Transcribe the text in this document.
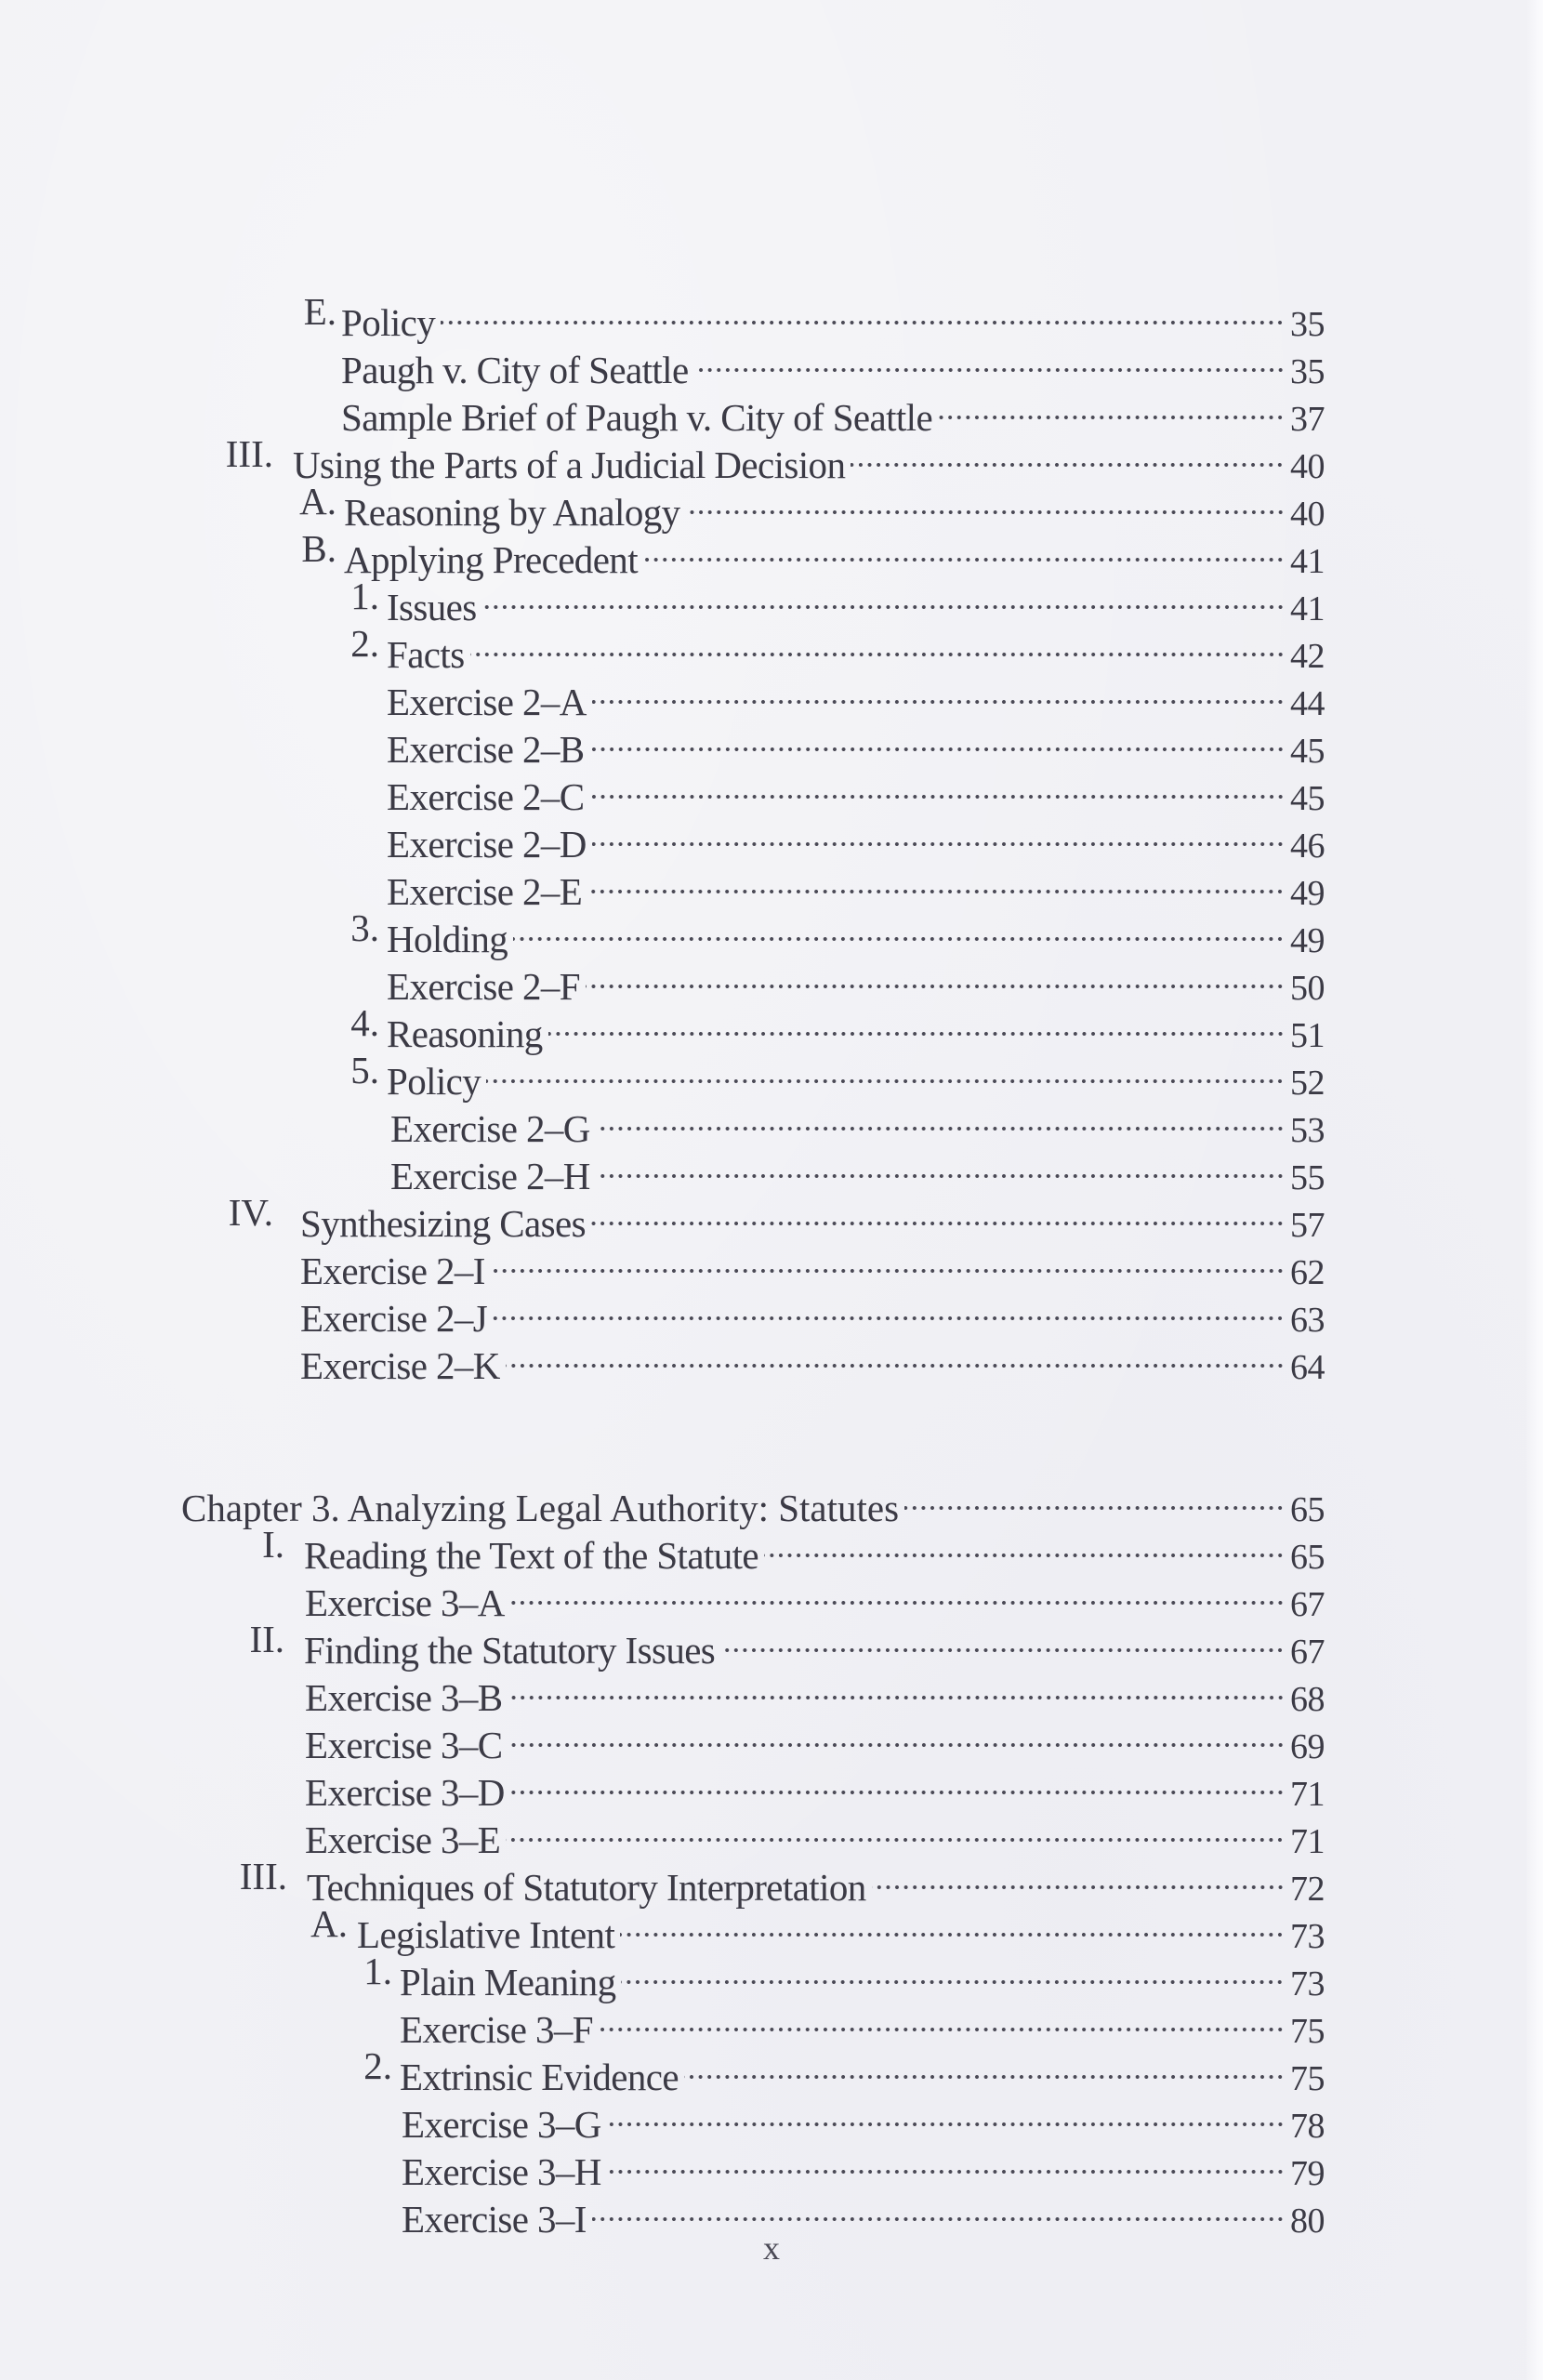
E. Policy	35
Paugh v. City of Seattle	35
Sample Brief of Paugh v. City of Seattle	37
III. Using the Parts of a Judicial Decision	40
A. Reasoning by Analogy	40
B. Applying Precedent	41
1. Issues	41
2. Facts	42
Exercise 2–A	44
Exercise 2–B	45
Exercise 2–C	45
Exercise 2–D	46
Exercise 2–E	49
3. Holding	49
Exercise 2–F	50
4. Reasoning	51
5. Policy	52
Exercise 2–G	53
Exercise 2–H	55
IV. Synthesizing Cases	57
Exercise 2–I	62
Exercise 2–J	63
Exercise 2–K	64
Chapter 3. Analyzing Legal Authority: Statutes	65
I. Reading the Text of the Statute	65
Exercise 3–A	67
II. Finding the Statutory Issues	67
Exercise 3–B	68
Exercise 3–C	69
Exercise 3–D	71
Exercise 3–E	71
III. Techniques of Statutory Interpretation	72
A. Legislative Intent	73
1. Plain Meaning	73
Exercise 3–F	75
2. Extrinsic Evidence	75
Exercise 3–G	78
Exercise 3–H	79
Exercise 3–I	80
x
